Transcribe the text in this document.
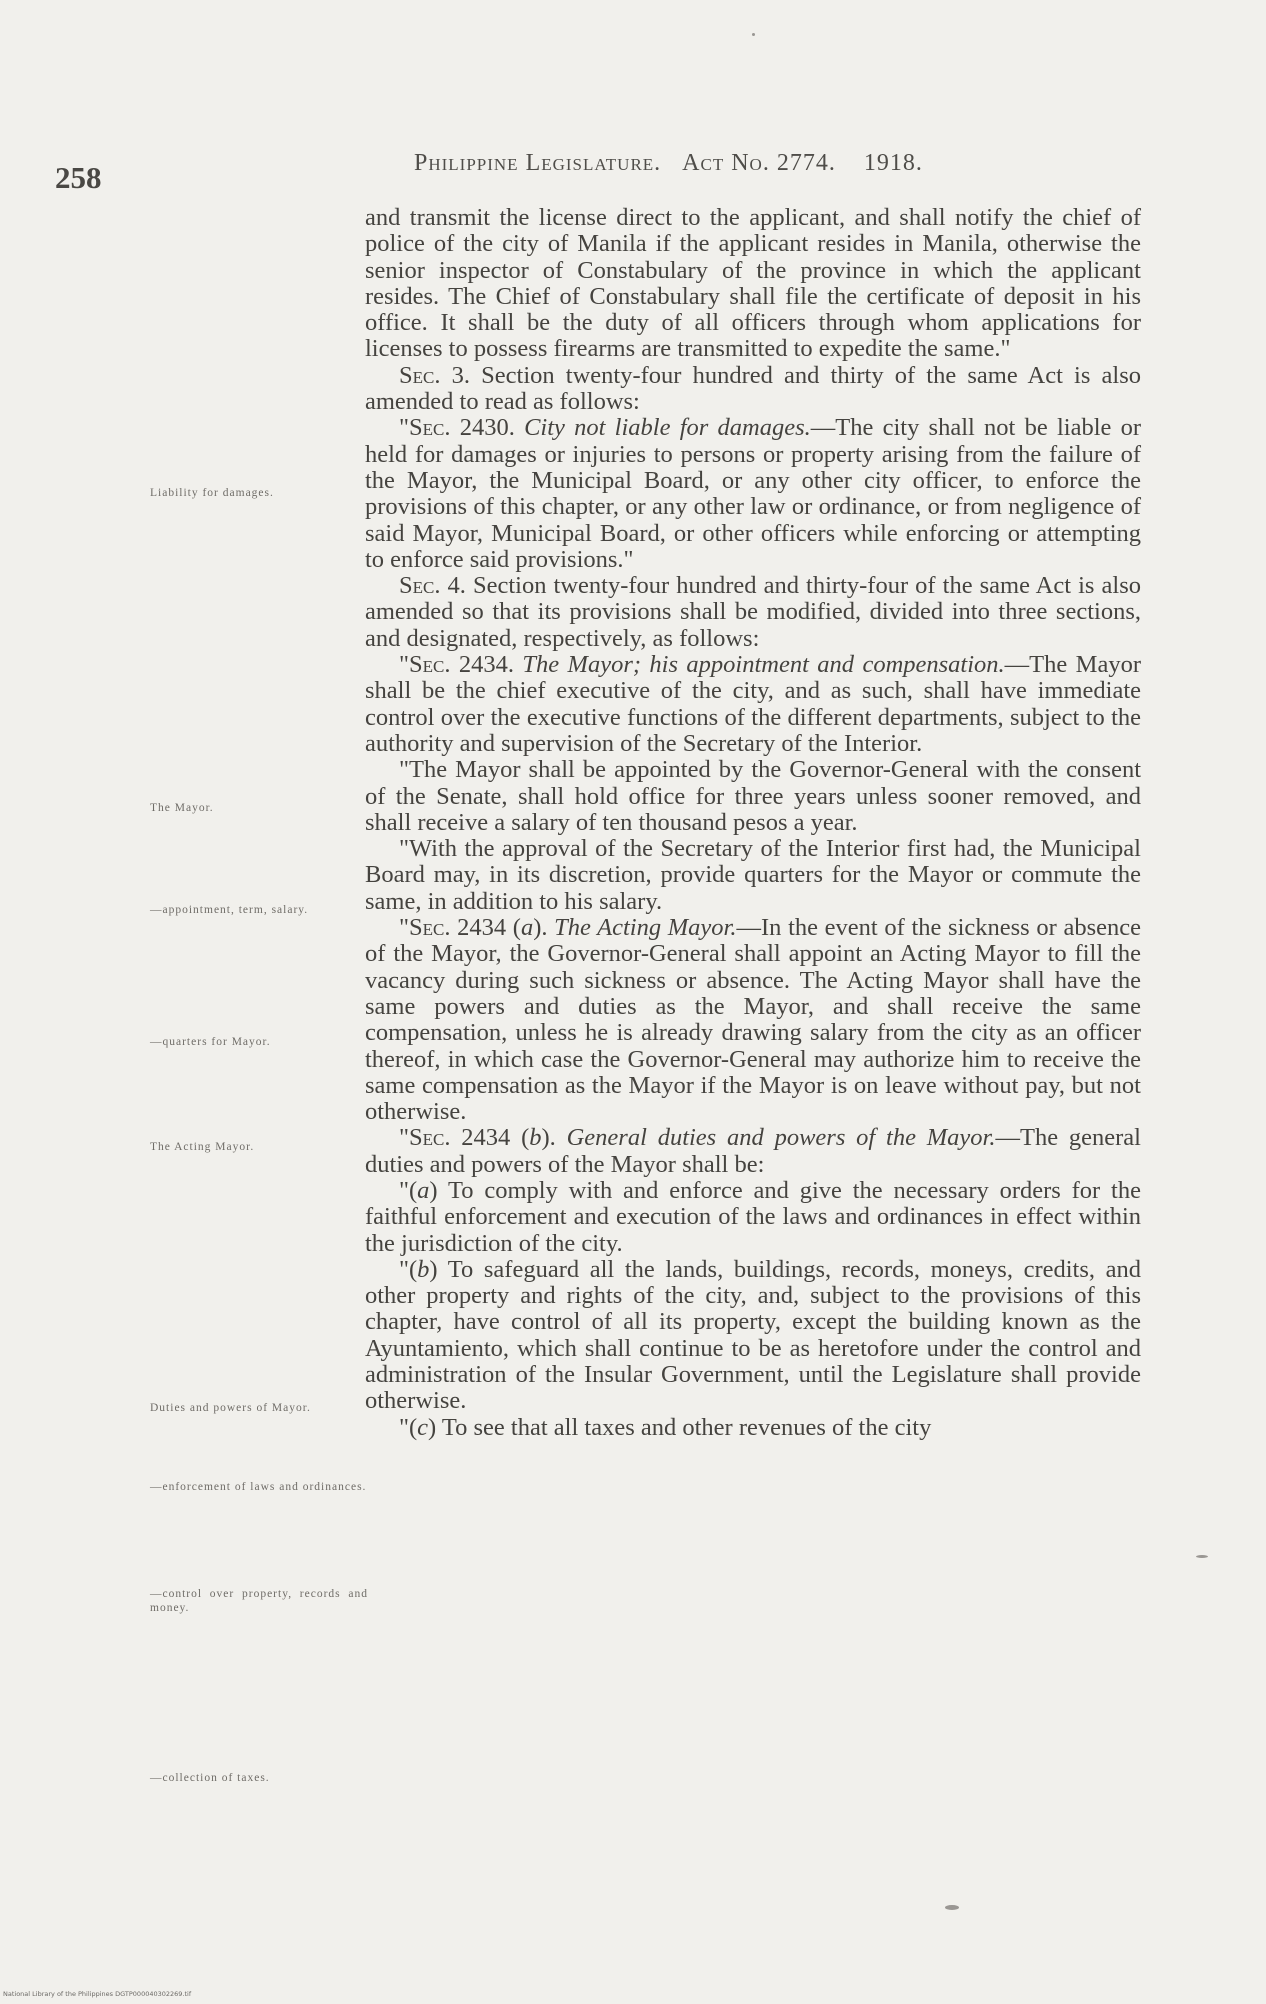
258	Philippine Legislature. Act No. 2774. 1918.

and transmit the license direct to the applicant, and shall notify the chief of police of the city of Manila if the applicant resides in Manila, otherwise the senior inspector of Constabulary of the province in which the applicant resides. The Chief of Constabulary shall file the certificate of deposit in his office. It shall be the duty of all officers through whom applications for licenses to possess firearms are transmitted to expedite the same."

Sec. 3. Section twenty-four hundred and thirty of the same Act is also amended to read as follows:

"Sec. 2430. City not liable for damages.—The city shall not be liable or held for damages or injuries to persons or property arising from the failure of the Mayor, the Municipal Board, or any other city officer, to enforce the provisions of this chapter, or any other law or ordinance, or from negligence of said Mayor, Municipal Board, or other officers while enforcing or attempting to enforce said provisions."

Sec. 4. Section twenty-four hundred and thirty-four of the same Act is also amended so that its provisions shall be modified, divided into three sections, and designated, respectively, as follows:

"Sec. 2434. The Mayor; his appointment and compensation.—The Mayor shall be the chief executive of the city, and as such, shall have immediate control over the executive functions of the different departments, subject to the authority and supervision of the Secretary of the Interior.

"The Mayor shall be appointed by the Governor-General with the consent of the Senate, shall hold office for three years unless sooner removed, and shall receive a salary of ten thousand pesos a year.

"With the approval of the Secretary of the Interior first had, the Municipal Board may, in its discretion, provide quarters for the Mayor or commute the same, in addition to his salary.

"Sec. 2434 (a). The Acting Mayor.—In the event of the sickness or absence of the Mayor, the Governor-General shall appoint an Acting Mayor to fill the vacancy during such sickness or absence. The Acting Mayor shall have the same powers and duties as the Mayor, and shall receive the same compensation, unless he is already drawing salary from the city as an officer thereof, in which case the Governor-General may authorize him to receive the same compensation as the Mayor if the Mayor is on leave without pay, but not otherwise.

"Sec. 2434 (b). General duties and powers of the Mayor.—The general duties and powers of the Mayor shall be:

"(a) To comply with and enforce and give the necessary orders for the faithful enforcement and execution of the laws and ordinances in effect within the jurisdiction of the city.

"(b) To safeguard all the lands, buildings, records, moneys, credits, and other property and rights of the city, and, subject to the provisions of this chapter, have control of all its property, except the building known as the Ayuntamiento, which shall continue to be as heretofore under the control and administration of the Insular Government, until the Legislature shall provide otherwise.

"(c) To see that all taxes and other revenues of the city

Liability for damages.
The Mayor.
—appointment, term, salary.
—quarters for Mayor.
The Acting Mayor.
Duties and powers of Mayor.
—enforcement of laws and ordinances.
—control over property, records and money.
—collection of taxes.
National Library of the Philippines DGTP000040302269.tif
